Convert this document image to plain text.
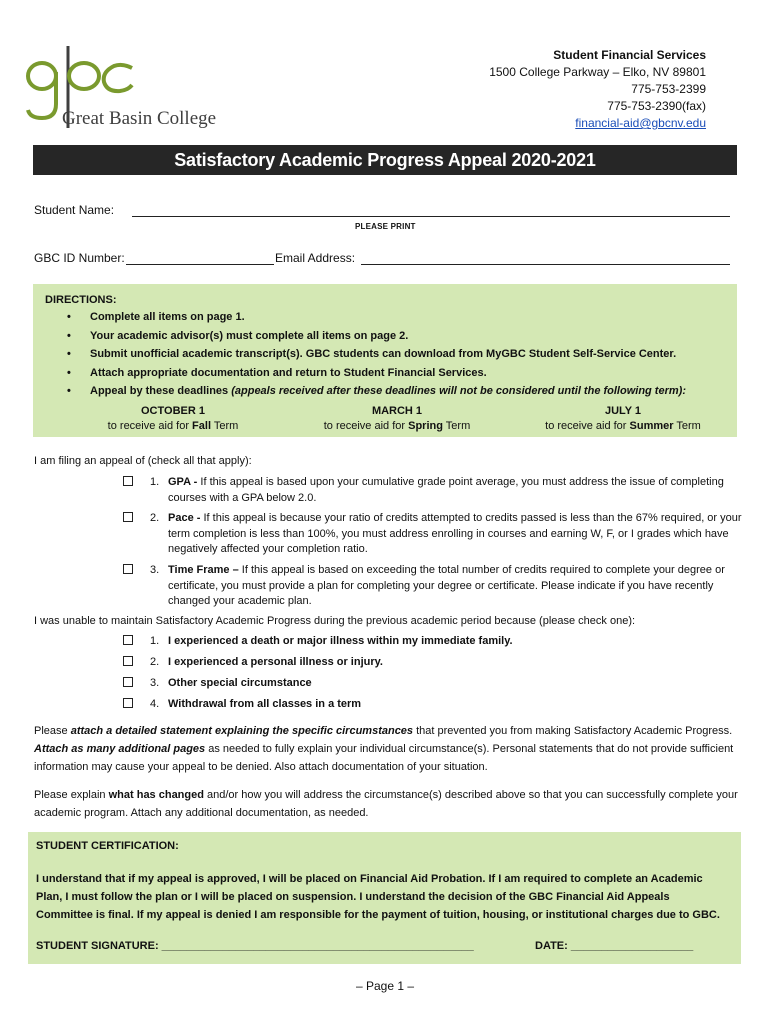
Great Basin College
Student Financial Services
1500 College Parkway – Elko, NV 89801
775-753-2399
775-753-2390(fax)
financial-aid@gbcnv.edu
Satisfactory Academic Progress Appeal 2020-2021
Student Name:
PLEASE PRINT
GBC ID Number:	Email Address:
DIRECTIONS:
• Complete all items on page 1.
• Your academic advisor(s) must complete all items on page 2.
• Submit unofficial academic transcript(s). GBC students can download from MyGBC Student Self-Service Center.
• Attach appropriate documentation and return to Student Financial Services.
• Appeal by these deadlines (appeals received after these deadlines will not be considered until the following term):
OCTOBER 1
to receive aid for Fall Term
MARCH 1
to receive aid for Spring Term
JULY 1
to receive aid for Summer Term
I am filing an appeal of (check all that apply):
1. GPA - If this appeal is based upon your cumulative grade point average, you must address the issue of completing courses with a GPA below 2.0.
2. Pace - If this appeal is because your ratio of credits attempted to credits passed is less than the 67% required, or your term completion is less than 100%, you must address enrolling in courses and earning W, F, or I grades which have negatively affected your completion ratio.
3. Time Frame – If this appeal is based on exceeding the total number of credits required to complete your degree or certificate, you must provide a plan for completing your degree or certificate. Please indicate if you have recently changed your academic plan.
I was unable to maintain Satisfactory Academic Progress during the previous academic period because (please check one):
1. I experienced a death or major illness within my immediate family.
2. I experienced a personal illness or injury.
3. Other special circumstance
4. Withdrawal from all classes in a term
Please attach a detailed statement explaining the specific circumstances that prevented you from making Satisfactory Academic Progress. Attach as many additional pages as needed to fully explain your individual circumstance(s). Personal statements that do not provide sufficient information may cause your appeal to be denied. Also attach documentation of your situation.
Please explain what has changed and/or how you will address the circumstance(s) described above so that you can successfully complete your academic program. Attach any additional documentation, as needed.
STUDENT CERTIFICATION:
I understand that if my appeal is approved, I will be placed on Financial Aid Probation. If I am required to complete an Academic Plan, I must follow the plan or I will be placed on suspension. I understand the decision of the GBC Financial Aid Appeals Committee is final. If my appeal is denied I am responsible for the payment of tuition, housing, or institutional charges due to GBC.
STUDENT SIGNATURE: ___________________________________________________	DATE: ____________________
– Page 1 –
